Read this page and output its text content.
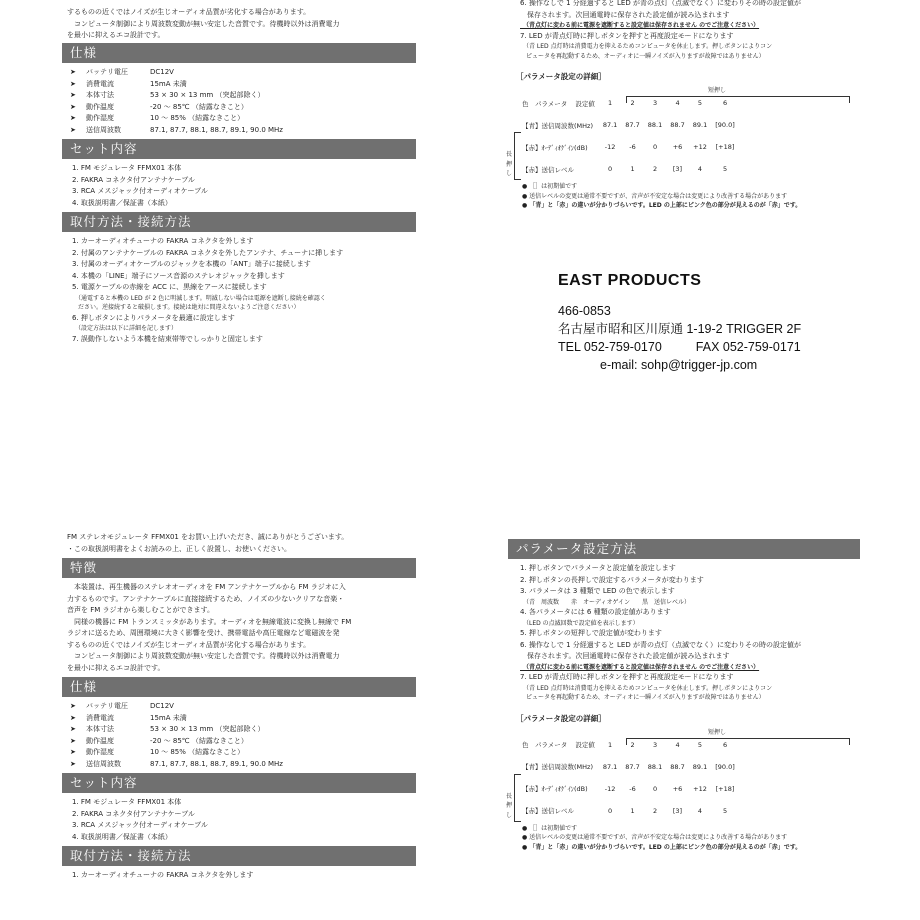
するものの近くではノイズが生じオーディオ品質が劣化する場合があります。
　コンピュータ制御により周波数変動が無い安定した音質です。待機時以外は消費電力
を最小に抑えるエコ設計です。
仕様
➤	バッテリ電圧	DC12V
➤	消費電流	15mA 未満
➤	本体寸法	53 × 30 × 13 mm （突起部除く）
➤	動作温度	-20 ～ 85℃ （結露なきこと）
➤	動作湿度	10 ～ 85% （結露なきこと）
➤	送信周波数	87.1, 87.7, 88.1, 88.7, 89.1, 90.0 MHz
セット内容
1. FM モジュレータ FFMX01 本体
2. FAKRA コネクタ付アンテナケーブル
3. RCA メスジャック付オーディオケーブル
4. 取扱説明書／保証書（本紙）
取付方法・接続方法
1. カーオーディオチューナの FAKRA コネクタを外します
2. 付属のアンテナケーブルの FAKRA コネクタを外したアンテナ、チューナに挿します
3. 付属のオーディオケーブルのジャックを本機の「ANT」端子に接続します
4. 本機の「LINE」端子にソース音源のステレオジャックを挿します
5. 電源ケーブルの赤線を ACC に、黒線をアースに接続します
　（通電すると本機の LED が 2 色に明滅します。明滅しない場合は電源を遮断し接続を確認く
　ださい。逆接続すると破損します。接続は絶対に間違えないようご注意ください）
6. 押しボタンによりパラメータを最適に設定します
　（設定方法は以下に詳細を記します）
7. 誤動作しないよう本機を結束帯等でしっかりと固定します
6. 操作なしで 1 分経過すると LED が青の点灯（点滅でなく）に変わりその時の設定値が
　保存されます。次回通電時に保存された設定値が読み込まれます
　（青点灯に変わる前に電源を遮断すると設定値は保存されません のでご注意ください）
7. LED が青点灯時に押しボタンを押すと再度設定モードになります
　（青 LED 点灯時は消費電力を抑えるためコンピュータを休止します。押しボタンによりコン
　ピュータを再起動するため、オーディオに一瞬ノイズが入りますが故障ではありません）
［パラメータ設定の詳細］
短押し
長押し
色　パラメータ	設定値	1	2	3	4	5	6
【青】送信周波数(MHz)		87.1	87.7	88.1	88.7	89.1	[90.0]
【赤】ｵｰﾃﾞｨｵｹﾞｲﾝ(dB)		-12	-6	0	+6	+12	[+18]
【赤】送信レベル		0	1	2	[3]	4	5
● ［］は初期値です
● 送信レベルの変更は通常不要ですが、音声が不安定な場合は変更により改善する場合があります
● 「青」と「赤」の違いが分かりづらいです。LED の上部にピンク色の部分が見えるのが「赤」です。
EAST PRODUCTS
466-0853
名古屋市昭和区川原通 1-19-2 TRIGGER 2F
TEL 052-759-0170	FAX 052-759-0171
e-mail: sohp@trigger-jp.com
FM ステレオモジュレータ FFMX01 をお買い上げいただき、誠にありがとうございます。
・この取扱説明書をよくお読みの上、正しく設置し、お使いください。
特徴
　本装置は、再生機器のステレオオーディオを FM アンテナケーブルから FM ラジオに入
力するものです。アンテナケーブルに直接接続するため、ノイズの少ないクリアな音楽・
音声を FM ラジオから楽しむことができます。
　同様の機器に FM トランスミッタがあります。オーディオを無線電波に変換し無線で FM
ラジオに送るため、周囲環境に大きく影響を受け、携帯電話や高圧電線など電磁波を発
するものの近くではノイズが生じオーディオ品質が劣化する場合があります。
　コンピュータ制御により周波数変動が無い安定した音質です。待機時以外は消費電力
を最小に抑えるエコ設計です。
仕様
➤	バッテリ電圧	DC12V
➤	消費電流	15mA 未満
➤	本体寸法	53 × 30 × 13 mm （突起部除く）
➤	動作温度	-20 ～ 85℃ （結露なきこと）
➤	動作湿度	10 ～ 85% （結露なきこと）
➤	送信周波数	87.1, 87.7, 88.1, 88.7, 89.1, 90.0 MHz
セット内容
1. FM モジュレータ FFMX01 本体
2. FAKRA コネクタ付アンテナケーブル
3. RCA メスジャック付オーディオケーブル
4. 取扱説明書／保証書（本紙）
取付方法・接続方法
1. カーオーディオチューナの FAKRA コネクタを外します
パラメータ設定方法
1. 押しボタンでパラメータと設定値を設定します
2. 押しボタンの長押しで設定するパラメータが変わります
3. パラメータは 3 種類で LED の色で表示します
　（青　周波数　　赤　オーディオゲイン　　黒　送信レベル）
4. 各パラメータには 6 種類の設定値があります
　（LED の点滅回数で設定値を表示します）
5. 押しボタンの短押しで設定値が変わります
6. 操作なしで 1 分経過すると LED が青の点灯（点滅でなく）に変わりその時の設定値が
　保存されます。次回通電時に保存された設定値が読み込まれます
　（青点灯に変わる前に電源を遮断すると設定値は保存されません のでご注意ください）
7. LED が青点灯時に押しボタンを押すと再度設定モードになります
　（青 LED 点灯時は消費電力を抑えるためコンピュータを休止します。押しボタンによりコン
　ピュータを再起動するため、オーディオに一瞬ノイズが入りますが故障ではありません）
［パラメータ設定の詳細］
短押し
長押し
色　パラメータ	設定値	1	2	3	4	5	6
【青】送信周波数(MHz)		87.1	87.7	88.1	88.7	89.1	[90.0]
【赤】ｵｰﾃﾞｨｵｹﾞｲﾝ(dB)		-12	-6	0	+6	+12	[+18]
【赤】送信レベル		0	1	2	[3]	4	5
● ［］は初期値です
● 送信レベルの変更は通常不要ですが、音声が不安定な場合は変更により改善する場合があります
● 「青」と「赤」の違いが分かりづらいです。LED の上部にピンク色の部分が見えるのが「赤」です。
